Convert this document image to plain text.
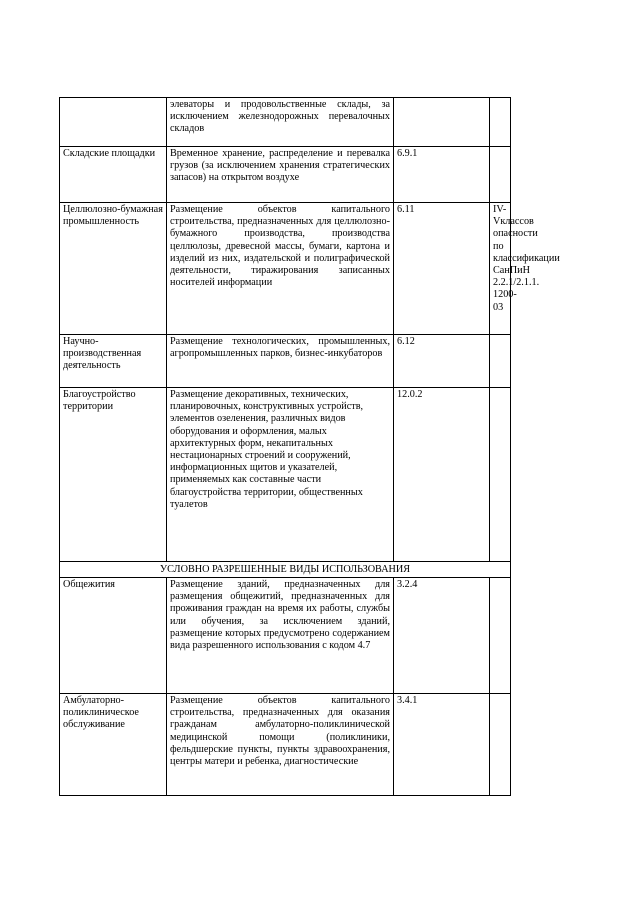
	элеваторы и продовольственные склады, за исключением железнодорожных перевалочных складов		
Складские площадки	Временное хранение, распределение и перевалка грузов (за исключением хранения стратегических запасов) на открытом воздухе	6.9.1	
Целлюлозно-бумажная промышленность	Размещение объектов капитального строительства, предназначенных для целлюлозно-бумажного производства, производства целлюлозы, древесной массы, бумаги, картона и изделий из них, издательской и полиграфической деятельности, тиражирования записанных носителей информации	6.11	IV-Vклассов опасности по классификации СанПиН 2.2.1/2.1.1. 1200-03
Научно-производственная деятельность	Размещение технологических, промышленных, агропромышленных парков, бизнес-инкубаторов	6.12	
Благоустройство территории	Размещение декоративных, технических, планировочных, конструктивных устройств, элементов озеленения, различных видов оборудования и оформления, малых архитектурных форм, некапитальных нестационарных строений и сооружений, информационных щитов и указателей, применяемых как составные части благоустройства территории, общественных туалетов	12.0.2	
УСЛОВНО РАЗРЕШЕННЫЕ ВИДЫ ИСПОЛЬЗОВАНИЯ			
Общежития	Размещение зданий, предназначенных для размещения общежитий, предназначенных для проживания граждан на время их работы, службы или обучения, за исключением зданий, размещение которых предусмотрено содержанием вида разрешенного использования с кодом 4.7	3.2.4	
Амбулаторно-поликлиническое обслуживание	Размещение объектов капитального строительства, предназначенных для оказания гражданам амбулаторно-поликлинической медицинской помощи (поликлиники, фельдшерские пункты, пункты здравоохранения, центры матери и ребенка, диагностические	3.4.1	
